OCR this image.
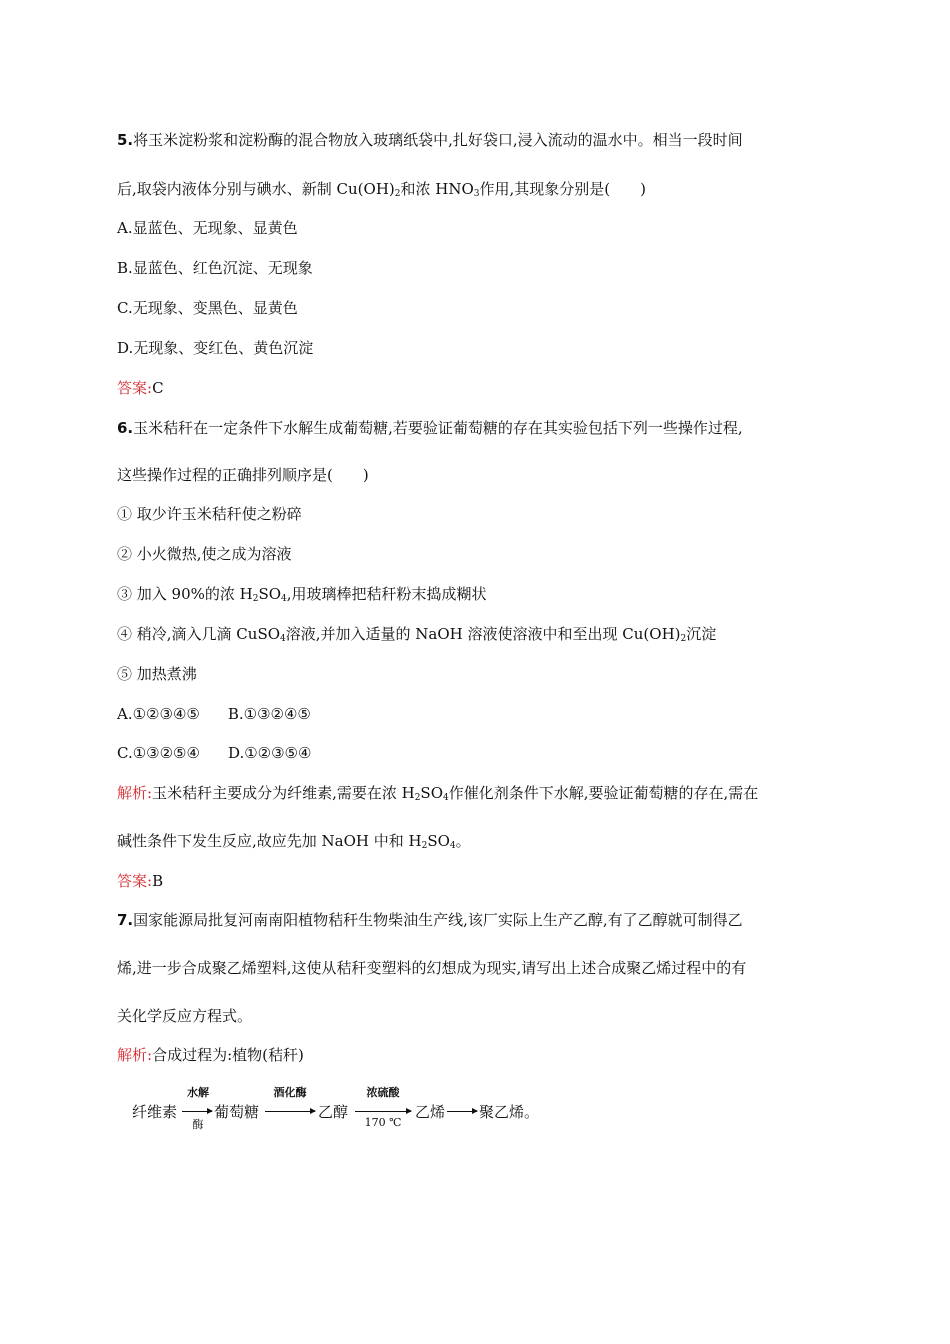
5.将玉米淀粉浆和淀粉酶的混合物放入玻璃纸袋中,扎好袋口,浸入流动的温水中。相当一段时间
后,取袋内液体分别与碘水、新制 $Cu(OH)_2$和浓 $HNO_3$作用,其现象分别是(　　)
A.显蓝色、无现象、显黄色
B.显蓝色、红色沉淀、无现象
C.无现象、变黑色、显黄色
D.无现象、变红色、黄色沉淀
答案:C
6.玉米秸秆在一定条件下水解生成葡萄糖,若要验证葡萄糖的存在其实验包括下列一些操作过程,
这些操作过程的正确排列顺序是(　　)
① 取少许玉米秸秆使之粉碎
② 小火微热,使之成为溶液
③ 加入 90%的浓 $H_2SO_4$,用玻璃棒把秸秆粉末捣成糊状
④ 稍冷,滴入几滴 CuSO$_4$溶液,并加入适量的 NaOH 溶液使溶液中和至出现 $Cu(OH)_2$沉淀
⑤ 加热煮沸
A.①②③④⑤ B.①③②④⑤
C.①③②⑤④ D.①②③⑤④
解析:玉米秸秆主要成分为纤维素,需要在浓 $H_2SO_4$作催化剂条件下水解,要验证葡萄糖的存在,需在
碱性条件下发生反应,故应先加 NaOH 中和 $H_2SO_4$。
答案:B
7.国家能源局批复河南南阳植物秸秆生物柴油生产线,该厂实际上生产乙醇,有了乙醇就可制得乙
烯,进一步合成聚乙烯塑料,这使从秸秆变塑料的幻想成为现实,请写出上述合成聚乙烯过程中的有
关化学反应方程式。
解析:合成过程为:植物(秸秆)
纤维素
水解
酶
葡萄糖
酒化酶
→ 乙醇
浓硫酸
170 ℃
乙烯 → 聚乙烯。
